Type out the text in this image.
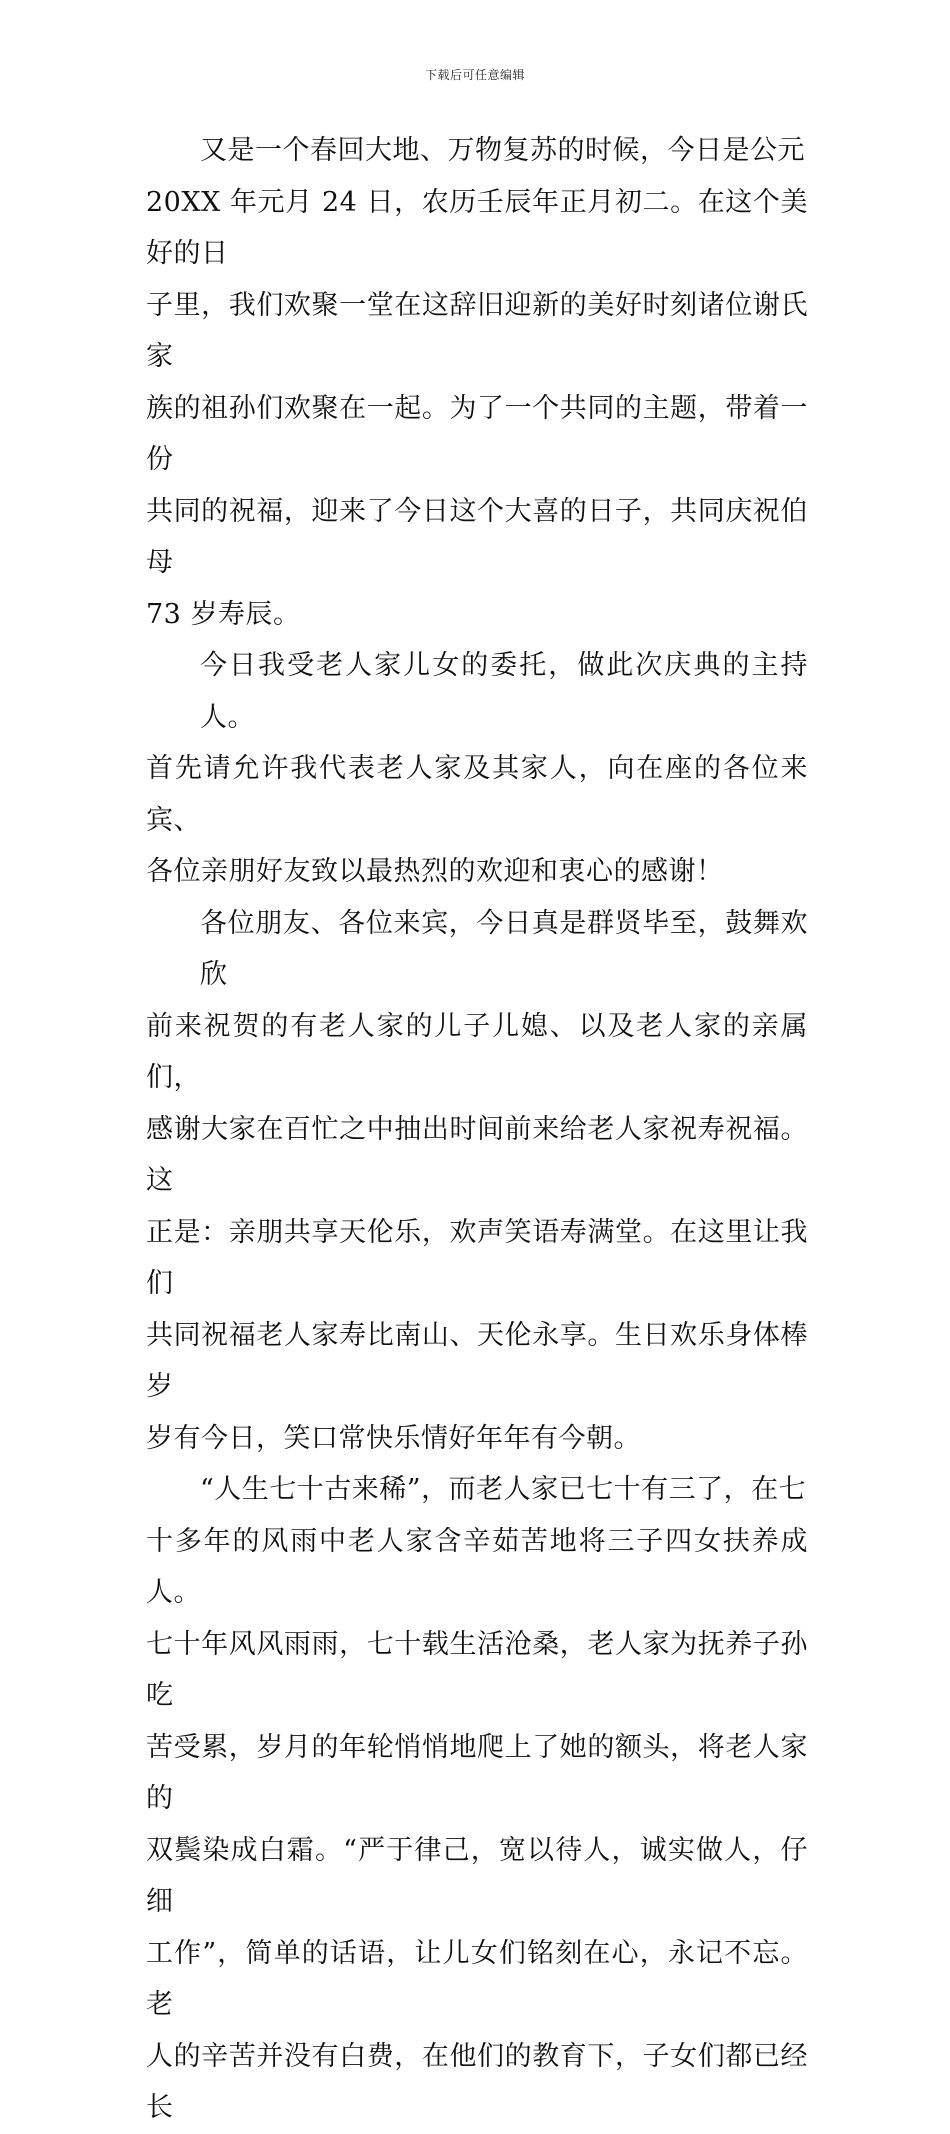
下载后可任意编辑

又是一个春回大地、万物复苏的时候，今日是公元
20XX 年元月 24 日，农历壬辰年正月初二。在这个美好的日
子里，我们欢聚一堂在这辞旧迎新的美好时刻诸位谢氏家
族的祖孙们欢聚在一起。为了一个共同的主题，带着一份
共同的祝福，迎来了今日这个大喜的日子，共同庆祝伯母
73 岁寿辰。

今日我受老人家儿女的委托，做此次庆典的主持人。
首先请允许我代表老人家及其家人，向在座的各位来宾、
各位亲朋好友致以最热烈的欢迎和衷心的感谢！

各位朋友、各位来宾，今日真是群贤毕至，鼓舞欢欣
前来祝贺的有老人家的儿子儿媳、以及老人家的亲属们，
感谢大家在百忙之中抽出时间前来给老人家祝寿祝福。这
正是：亲朋共享天伦乐，欢声笑语寿满堂。在这里让我们
共同祝福老人家寿比南山、天伦永享。生日欢乐身体棒岁
岁有今日，笑口常快乐情好年年有今朝。

“人生七十古来稀”，而老人家已七十有三了，在七
十多年的风雨中老人家含辛茹苦地将三子四女扶养成人。
七十年风风雨雨，七十载生活沧桑，老人家为抚养子孙吃
苦受累，岁月的年轮悄悄地爬上了她的额头，将老人家的
双鬓染成白霜。“严于律己，宽以待人，诚实做人，仔细
工作”，简单的话语，让儿女们铭刻在心，永记不忘。老
人的辛苦并没有白费，在他们的教育下，子女们都已经长
